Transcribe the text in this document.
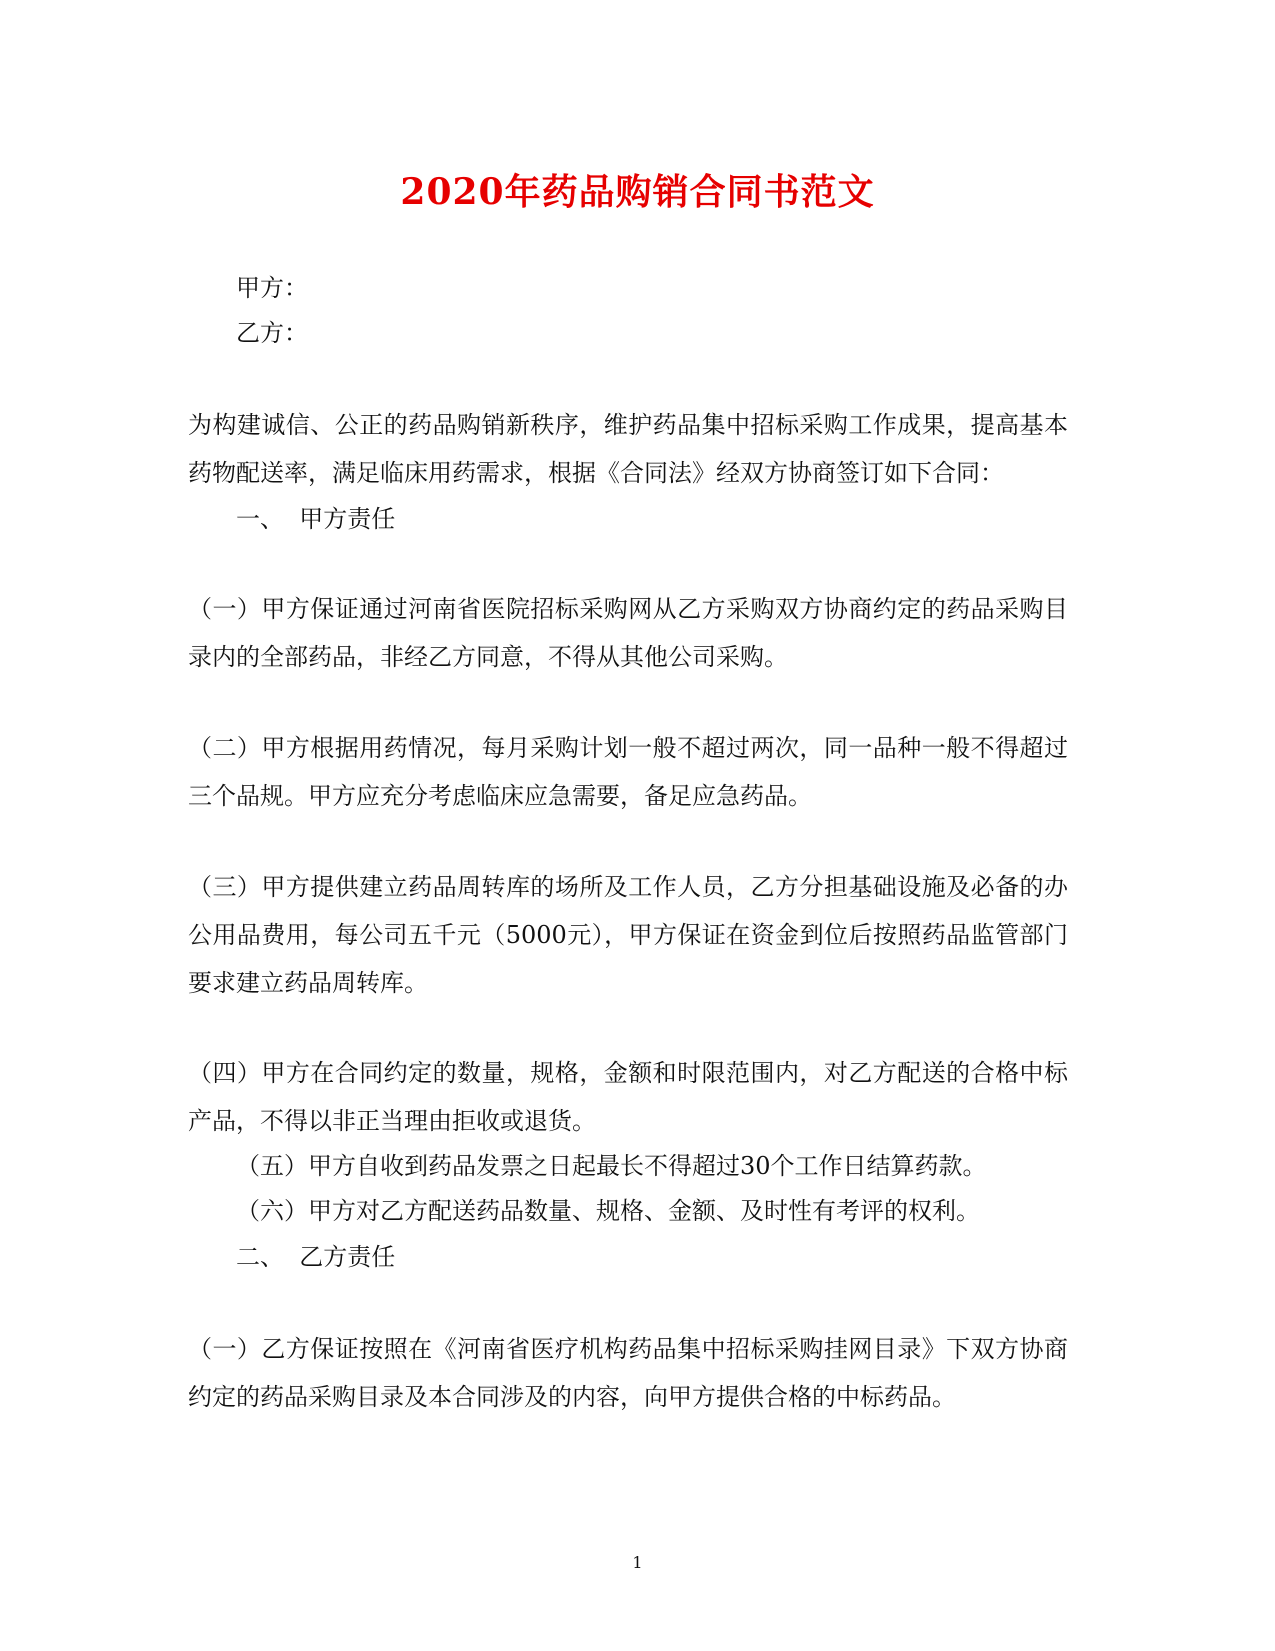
2020年药品购销合同书范文
甲方：
乙方：
为构建诚信、公正的药品购销新秩序，维护药品集中招标采购工作成果，提高基本药物配送率，满足临床用药需求，根据《合同法》经双方协商签订如下合同：
一、  甲方责任
（一）甲方保证通过河南省医院招标采购网从乙方采购双方协商约定的药品采购目录内的全部药品，非经乙方同意，不得从其他公司采购。
（二）甲方根据用药情况，每月采购计划一般不超过两次，同一品种一般不得超过三个品规。甲方应充分考虑临床应急需要，备足应急药品。
（三）甲方提供建立药品周转库的场所及工作人员，乙方分担基础设施及必备的办公用品费用，每公司五千元（5000元），甲方保证在资金到位后按照药品监管部门要求建立药品周转库。
（四）甲方在合同约定的数量，规格，金额和时限范围内，对乙方配送的合格中标产品，不得以非正当理由拒收或退货。
（五）甲方自收到药品发票之日起最长不得超过30个工作日结算药款。
（六）甲方对乙方配送药品数量、规格、金额、及时性有考评的权利。
二、  乙方责任
（一）乙方保证按照在《河南省医疗机构药品集中招标采购挂网目录》下双方协商约定的药品采购目录及本合同涉及的内容，向甲方提供合格的中标药品。
1
